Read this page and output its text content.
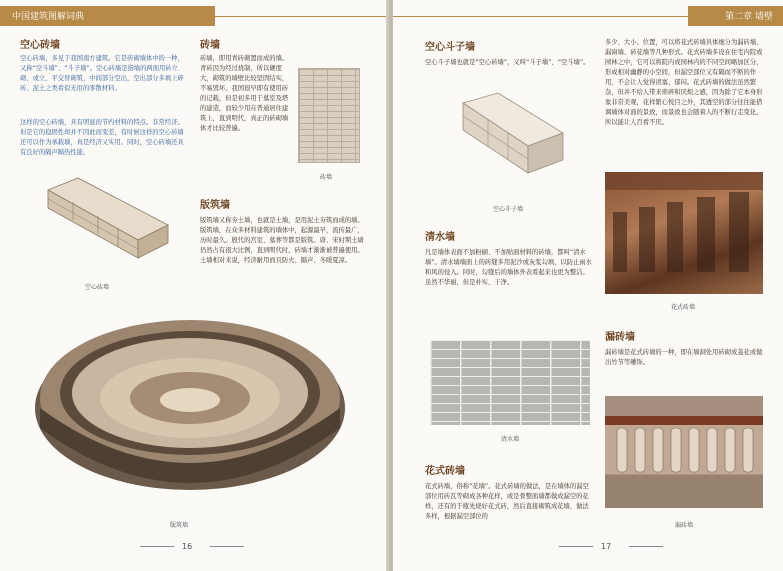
中国建筑图解词典
空心砖墙
空心砖墙，多见于我国南方建筑。它是砖砌墙体中的一种，又称“空斗墙”、“斗子墙”。空心砖墙是指墙的两面用砖立砌、或立、平交替砌筑，中间部分空出，空出部分多填上碎砖、泥土之类看似无用的零散材料。
这样的空心砖墙，具有明显的节约材料的特点。非常经济。但是它的稳固性却并不因此而变差，有时候这样的空心砖墙还可以作为承载墙，真是经济又实用。同时，空心砖墙还具有良好的隔声隔热性能。
空心砖墙
砖墙
砖墙，即用青砖砌置而成的墙。青砖因为经过烧制，所以硬度大，砌筑的墙壁比较坚固结实，不易毁坏。我国很早即有使用砖的记载，但是初多用于墓室及塔的建造，而较少用在普通居住建筑上，直到明代，真正的砖砌墙体才比较普遍。
砖墙
版筑墙
版筑墙又称夯土墙，也就是土墙，是用泥土夯筑而成的墙。版筑墙，在众多材料建筑的墙体中，起源最早，流传最广，历时最久。殷代的宫室、墓葬等都是版筑。唐、宋时期土墙仍然占有很大比例，直到明代时，砖墙才渐渐被普遍使用。土墙相对来说，经济耐用而且防火、隔声、冬暖夏凉。
版筑墙
16
第二章 墙壁
空心斗子墙
空心斗子墙也就是“空心砖墙”，又叫“斗子墙”、“空斗墙”。
空心斗子墙
清水墙
凡是墙体表面不加粉刷、不加贴面材料的砖墙，都叫“清水墙”。清水墙墙面上的砖缝多用泥沙或灰浆勾填，以防止雨水和风的侵入。同时，勾缝后的墙体外表看起来也更为整洁。虽然不华丽，但是朴实、干净。
清水墙
花式砖墙
花式砖墙，俗称“花墙”。花式砖墙的做法，是在墙体的漏空部位用砖瓦等砌成各种花样，或是骨整面墙都做成漏空的花样，还有的于瓶先烧好花式砖，然后直接砌筑成花墙，做法多样，根据漏空部位的
多少、大小、位置，可以将花式砖墙具体细分为漏砖墙、漏窗墙、砖花墙等几种形式。花式砖墙多设在住宅内院或园林之中，它可以将院内或园林内的不同空间略加区分，形成相对幽静的小空间，但漏空部位又有隔而不断的作用，不会让人觉得闭塞、郁闷。花式砖墙的做法虽然繁杂，但并不给人带来琐碎和厌烦之感，因为除了它本身形象非常美观，花样繁心悦目之外，其透空的部分往往能借调墙体对面的景致，而景致也会随着人的不断行走变化，所以能让人百看不厌。
花式砖墙
漏砖墙
漏砖墙是花式砖墙的一种，即在墙洞处用砖砌成菱花或做出竹节等雕饰。
漏砖墙
17
